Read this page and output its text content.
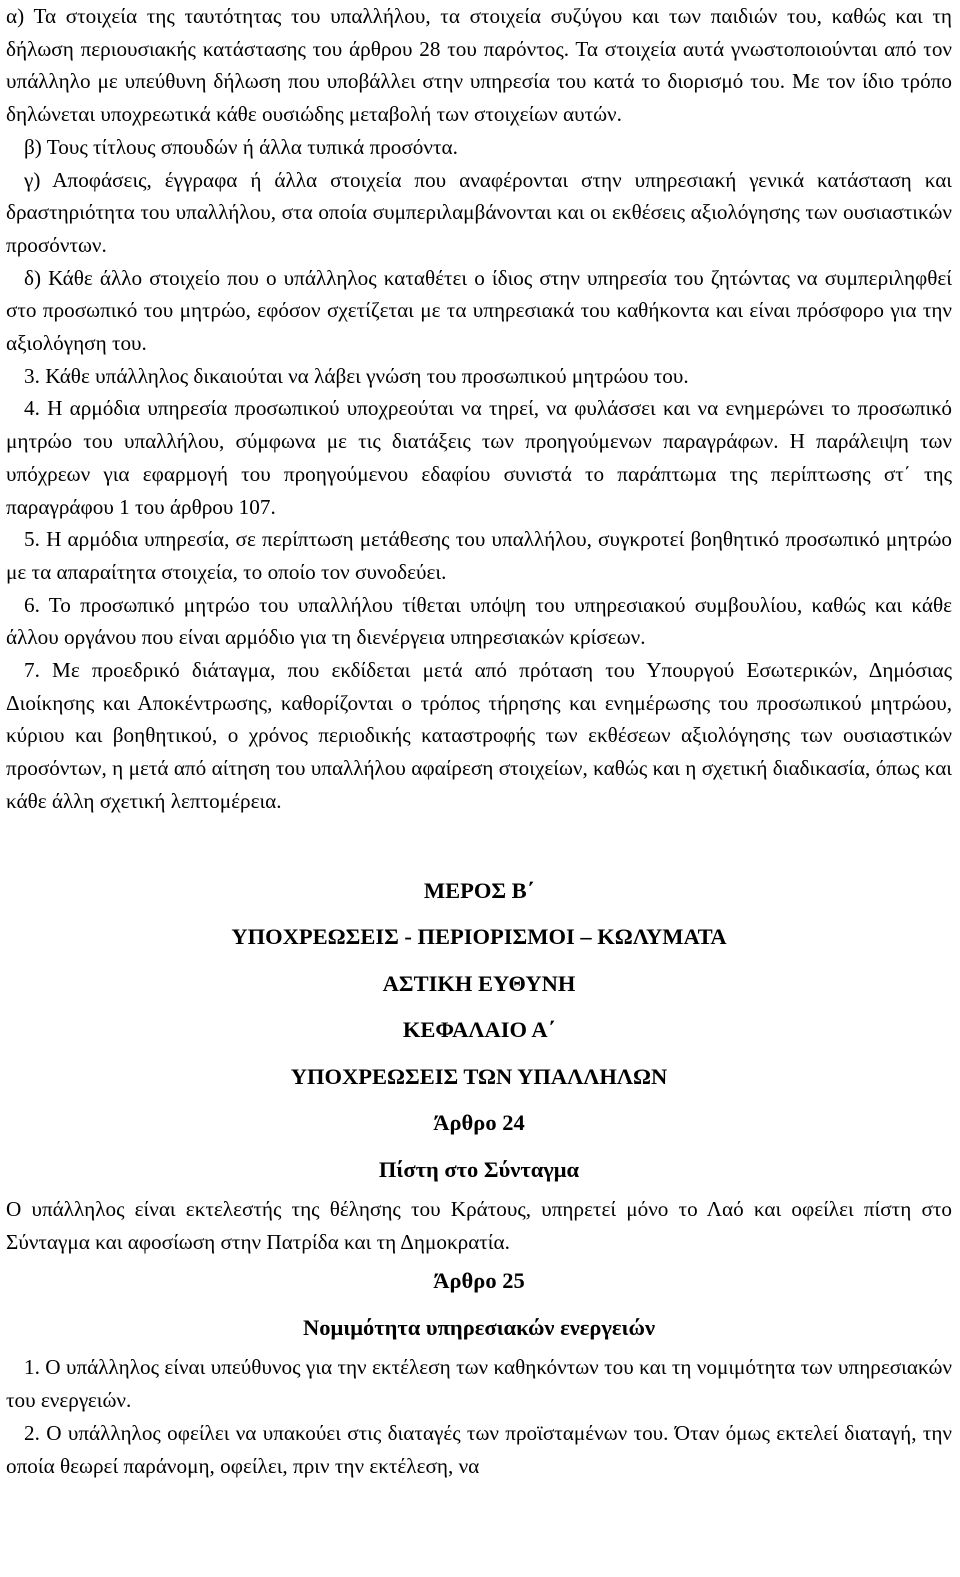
α) Τα στοιχεία της ταυτότητας του υπαλλήλου, τα στοιχεία συζύγου και των παιδιών του, καθώς και τη δήλωση περιουσιακής κατάστασης του άρθρου 28 του παρόντος. Τα στοιχεία αυτά γνωστοποιούνται από τον υπάλληλο με υπεύθυνη δήλωση που υποβάλλει στην υπηρεσία του κατά το διορισμό του. Με τον ίδιο τρόπο δηλώνεται υποχρεωτικά κάθε ουσιώδης μεταβολή των στοιχείων αυτών.

β) Τους τίτλους σπουδών ή άλλα τυπικά προσόντα.

γ) Αποφάσεις, έγγραφα ή άλλα στοιχεία που αναφέρονται στην υπηρεσιακή γενικά κατάσταση και δραστηριότητα του υπαλλήλου, στα οποία συμπεριλαμβάνονται και οι εκθέσεις αξιολόγησης των ουσιαστικών προσόντων.

δ) Κάθε άλλο στοιχείο που ο υπάλληλος καταθέτει ο ίδιος στην υπηρεσία του ζητώντας να συμπεριληφθεί στο προσωπικό του μητρώο, εφόσον σχετίζεται με τα υπηρεσιακά του καθήκοντα και είναι πρόσφορο για την αξιολόγηση του.

3. Κάθε υπάλληλος δικαιούται να λάβει γνώση του προσωπικού μητρώου του.

4. Η αρμόδια υπηρεσία προσωπικού υποχρεούται να τηρεί, να φυλάσσει και να ενημερώνει το προσωπικό μητρώο του υπαλλήλου, σύμφωνα με τις διατάξεις των προηγούμενων παραγράφων. Η παράλειψη των υπόχρεων για εφαρμογή του προηγούμενου εδαφίου συνιστά το παράπτωμα της περίπτωσης στ΄ της παραγράφου 1 του άρθρου 107.

5. Η αρμόδια υπηρεσία, σε περίπτωση μετάθεσης του υπαλλήλου, συγκροτεί βοηθητικό προσωπικό μητρώο με τα απαραίτητα στοιχεία, το οποίο τον συνοδεύει.

6. Το προσωπικό μητρώο του υπαλλήλου τίθεται υπόψη του υπηρεσιακού συμβουλίου, καθώς και κάθε άλλου οργάνου που είναι αρμόδιο για τη διενέργεια υπηρεσιακών κρίσεων.

7. Με προεδρικό διάταγμα, που εκδίδεται μετά από πρόταση του Υπουργού Εσωτερικών, Δημόσιας Διοίκησης και Αποκέντρωσης, καθορίζονται ο τρόπος τήρησης και ενημέρωσης του προσωπικού μητρώου, κύριου και βοηθητικού, ο χρόνος περιοδικής καταστροφής των εκθέσεων αξιολόγησης των ουσιαστικών προσόντων, η μετά από αίτηση του υπαλλήλου αφαίρεση στοιχείων, καθώς και η σχετική διαδικασία, όπως και κάθε άλλη σχετική λεπτομέρεια.

ΜΕΡΟΣ Β΄
ΥΠΟΧΡΕΩΣΕΙΣ - ΠΕΡΙΟΡΙΣΜΟΙ – ΚΩΛΥΜΑΤΑ
ΑΣΤΙΚΗ ΕΥΘΥΝΗ
ΚΕΦΑΛΑΙΟ Α΄
ΥΠΟΧΡΕΩΣΕΙΣ ΤΩΝ ΥΠΑΛΛΗΛΩΝ
Άρθρο 24
Πίστη στο Σύνταγμα

Ο υπάλληλος είναι εκτελεστής της θέλησης του Κράτους, υπηρετεί μόνο το Λαό και οφείλει πίστη στο Σύνταγμα και αφοσίωση στην Πατρίδα και τη Δημοκρατία.

Άρθρο 25
Νομιμότητα υπηρεσιακών ενεργειών

1. Ο υπάλληλος είναι υπεύθυνος για την εκτέλεση των καθηκόντων του και τη νομιμότητα των υπηρεσιακών του ενεργειών.

2. Ο υπάλληλος οφείλει να υπακούει στις διαταγές των προϊσταμένων του. Όταν όμως εκτελεί διαταγή, την οποία θεωρεί παράνομη, οφείλει, πριν την εκτέλεση, να
